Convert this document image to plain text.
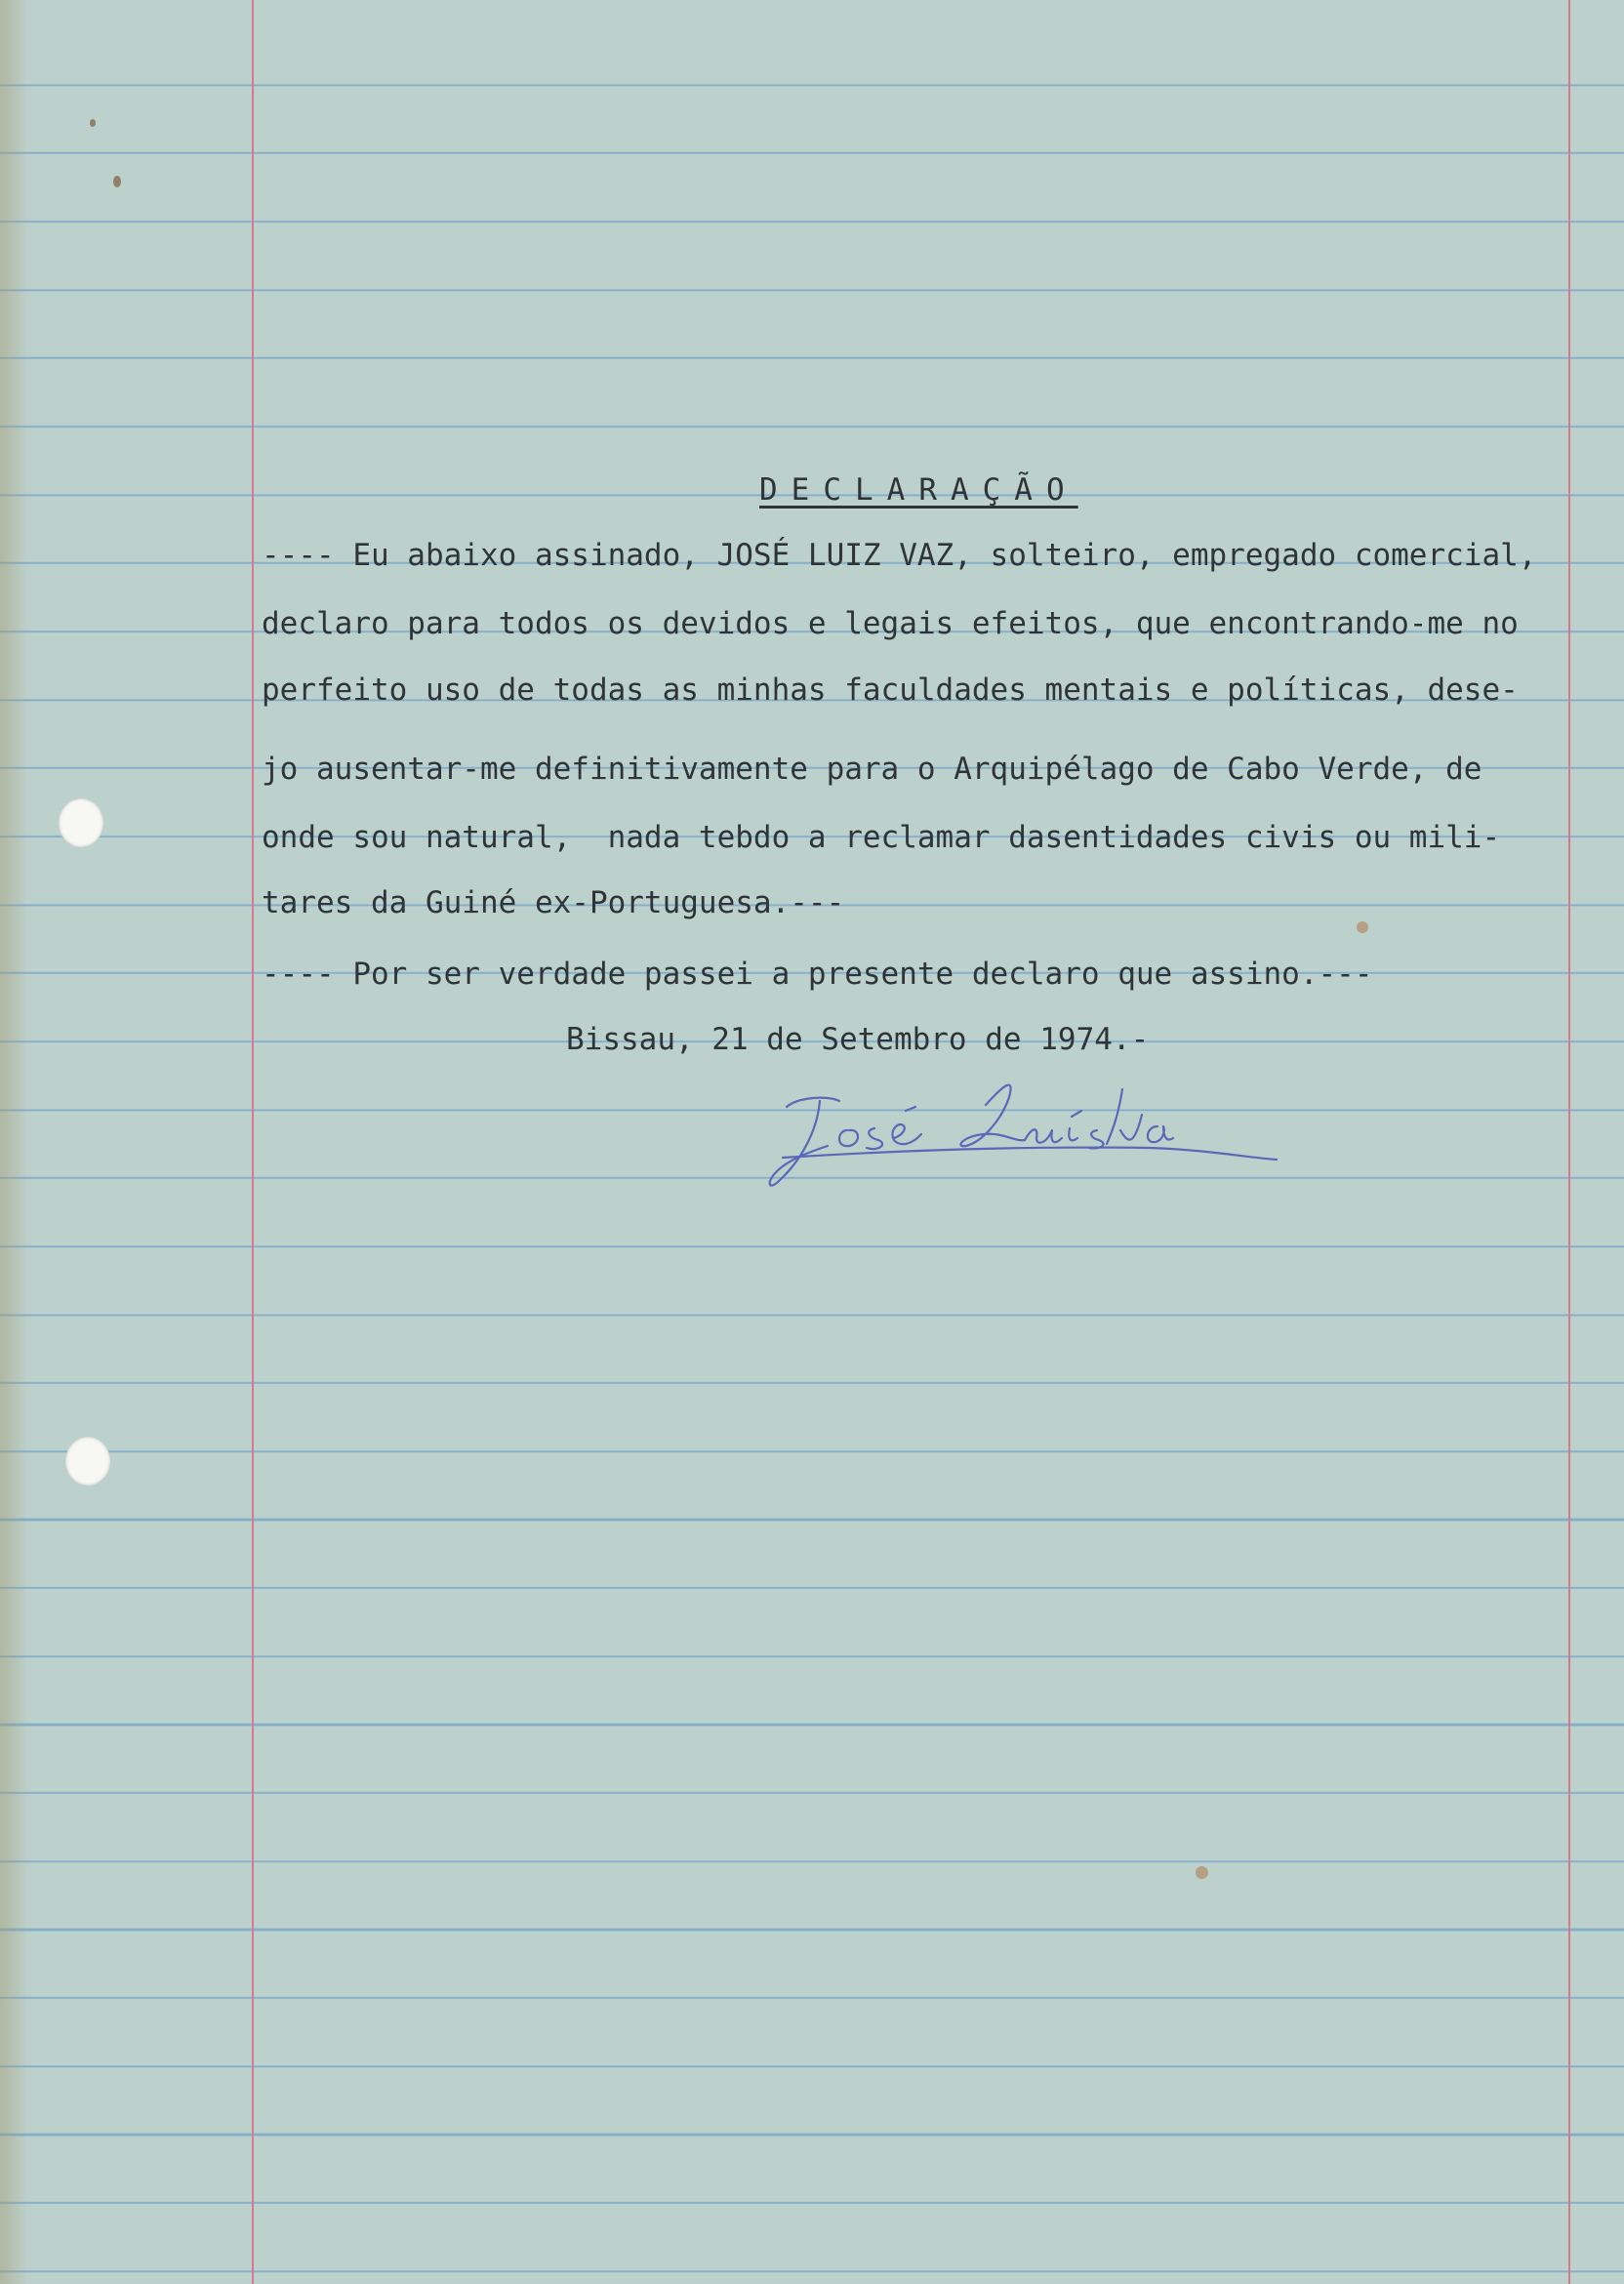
DECLARAÇÃO

---- Eu abaixo assinado, JOSÉ LUIZ VAZ, solteiro, empregado comercial,

declaro para todos os devidos e legais efeitos, que encontrando-me no

perfeito uso de todas as minhas faculdades mentais e políticas, dese-

jo ausentar-me definitivamente para o Arquipélago de Cabo Verde, de

onde sou natural,  nada tebdo a reclamar dasentidades civis ou mili-

tares da Guiné ex-Portuguesa.---

---- Por ser verdade passei a presente declaro que assino.---

Bissau, 21 de Setembro de 1974.-
